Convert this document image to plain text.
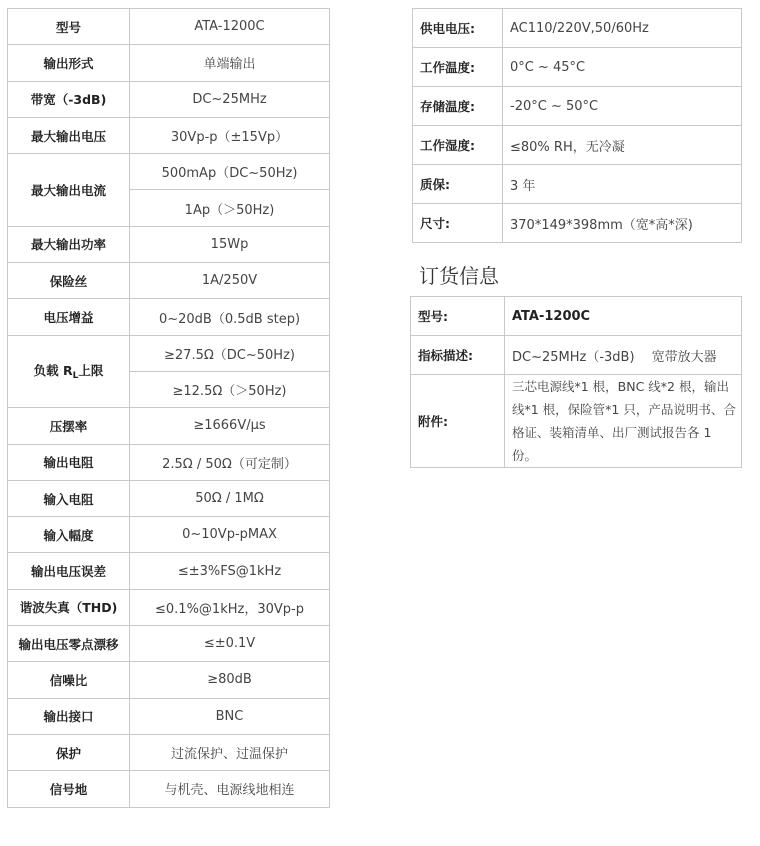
型号	ATA-1200C
输出形式	单端输出
带宽（-3dB)	DC~25MHz
最大输出电压	30Vp-p（±15Vp）
最大输出电流	500mAp（DC~50Hz)
	1Ap（＞50Hz)
最大输出功率	15Wp
保险丝	1A/250V
电压增益	0~20dB（0.5dB step)
负载 $R_L$上限	≥27.5Ω（DC~50Hz)
	≥12.5Ω（＞50Hz)
压摆率	≥1666V/μs
输出电阻	2.5Ω / 50Ω（可定制）
输入电阻	50Ω / 1MΩ
输入幅度	0~10Vp-pMAX
输出电压误差	≤±3%FS@1kHz
谐波失真（THD)	≤0.1%@1kHz，30Vp-p
输出电压零点漂移	≤±0.1V
信噪比	≥80dB
输出接口	BNC
保护	过流保护、过温保护
信号地	与机壳、电源线地相连
供电电压:	AC110/220V,50/60Hz
工作温度:	0°C ~ 45°C
存储温度:	-20°C ~ 50°C
工作湿度:	≤80% RH，无冷凝
质保:	3 年
尺寸:	370*149*398mm（宽*高*深)
订货信息
型号:	ATA-1200C
指标描述:	DC~25MHz（-3dB)　 宽带放大器
附件:	三芯电源线*1 根，BNC 线*2 根，输出线*1 根，保险管*1 只，产品说明书、合格证、装箱清单、出厂测试报告各 1 份。
